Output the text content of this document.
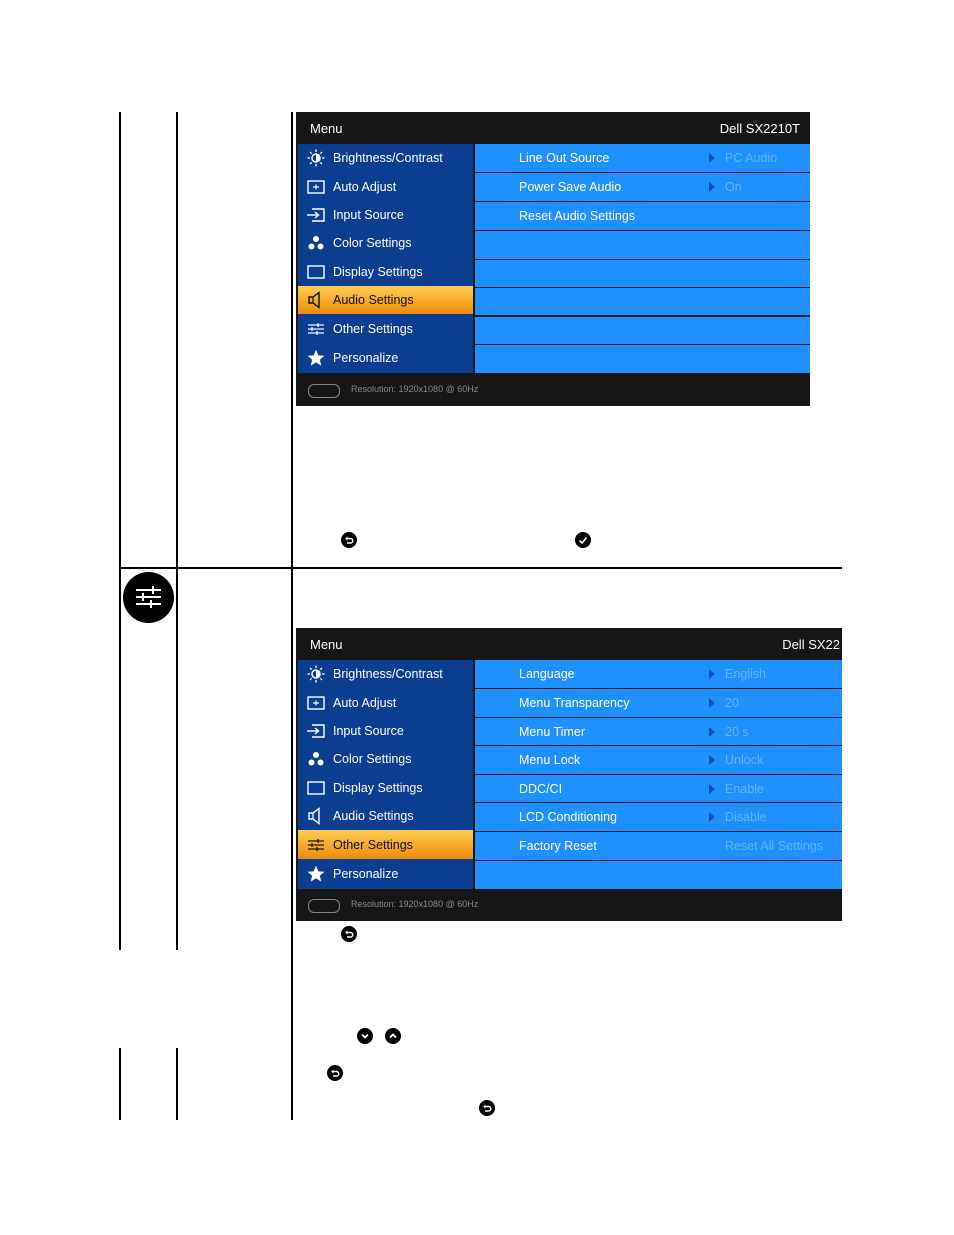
Menu	Dell SX2210T
Brightness/Contrast
Auto Adjust
Input Source
Color Settings
Display Settings
Audio Settings
Other Settings
Personalize
Line Out Source	PC Audio
Power Save Audio	On
Reset Audio Settings
Resolution: 1920x1080 @ 60Hz
Menu	Dell SX22
Brightness/Contrast
Auto Adjust
Input Source
Color Settings
Display Settings
Audio Settings
Other Settings
Personalize
Language	English
Menu Transparency	20
Menu Timer	20 s
Menu Lock	Unlock
DDC/CI	Enable
LCD Conditioning	Disable
Factory Reset	Reset All Settings
Resolution: 1920x1080 @ 60Hz
